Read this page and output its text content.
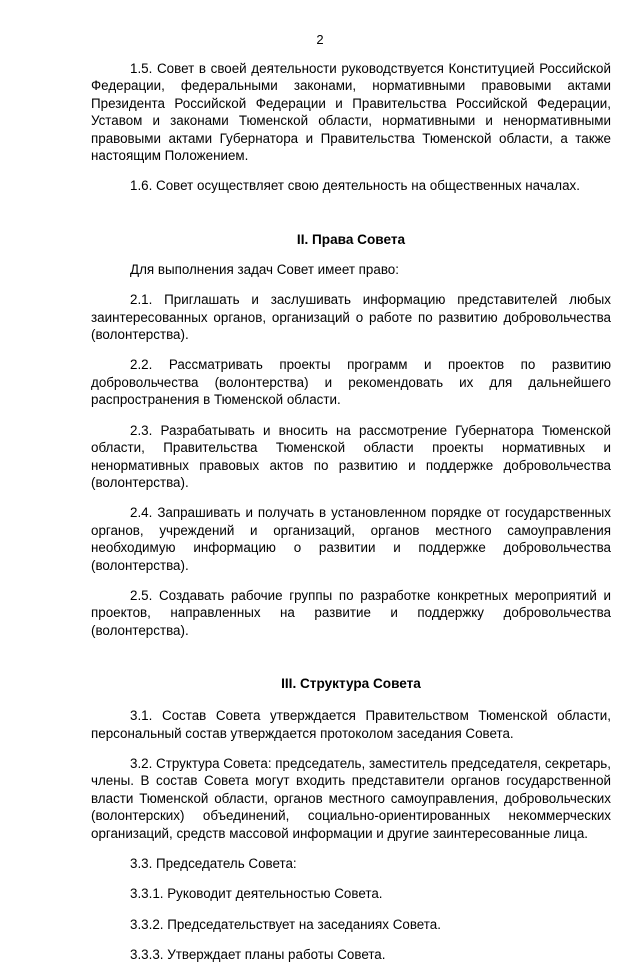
2

1.5. Совет в своей деятельности руководствуется Конституцией Российской Федерации, федеральными законами, нормативными правовыми актами Президента Российской Федерации и Правительства Российской Федерации, Уставом и законами Тюменской области, нормативными и ненормативными правовыми актами Губернатора и Правительства Тюменской области, а также настоящим Положением.

1.6. Совет осуществляет свою деятельность на общественных началах.

II. Права Совета

Для выполнения задач Совет имеет право:

2.1. Приглашать и заслушивать информацию представителей любых заинтересованных органов, организаций о работе по развитию добровольчества (волонтерства).

2.2. Рассматривать проекты программ и проектов по развитию добровольчества (волонтерства) и рекомендовать их для дальнейшего распространения в Тюменской области.

2.3. Разрабатывать и вносить на рассмотрение Губернатора Тюменской области, Правительства Тюменской области проекты нормативных и ненормативных правовых актов по развитию и поддержке добровольчества (волонтерства).

2.4. Запрашивать и получать в установленном порядке от государственных органов, учреждений и организаций, органов местного самоуправления необходимую информацию о развитии и поддержке добровольчества (волонтерства).

2.5. Создавать рабочие группы по разработке конкретных мероприятий и проектов, направленных на развитие и поддержку добровольчества (волонтерства).

III. Структура Совета

3.1. Состав Совета утверждается Правительством Тюменской области, персональный состав утверждается протоколом заседания Совета.

3.2. Структура Совета: председатель, заместитель председателя, секретарь, члены. В состав Совета могут входить представители органов государственной власти Тюменской области, органов местного самоуправления, добровольческих (волонтерских) объединений, социально-ориентированных некоммерческих организаций, средств массовой информации и другие заинтересованные лица.

3.3. Председатель Совета:

3.3.1. Руководит деятельностью Совета.

3.3.2. Председательствует на заседаниях Совета.

3.3.3. Утверждает планы работы Совета.
